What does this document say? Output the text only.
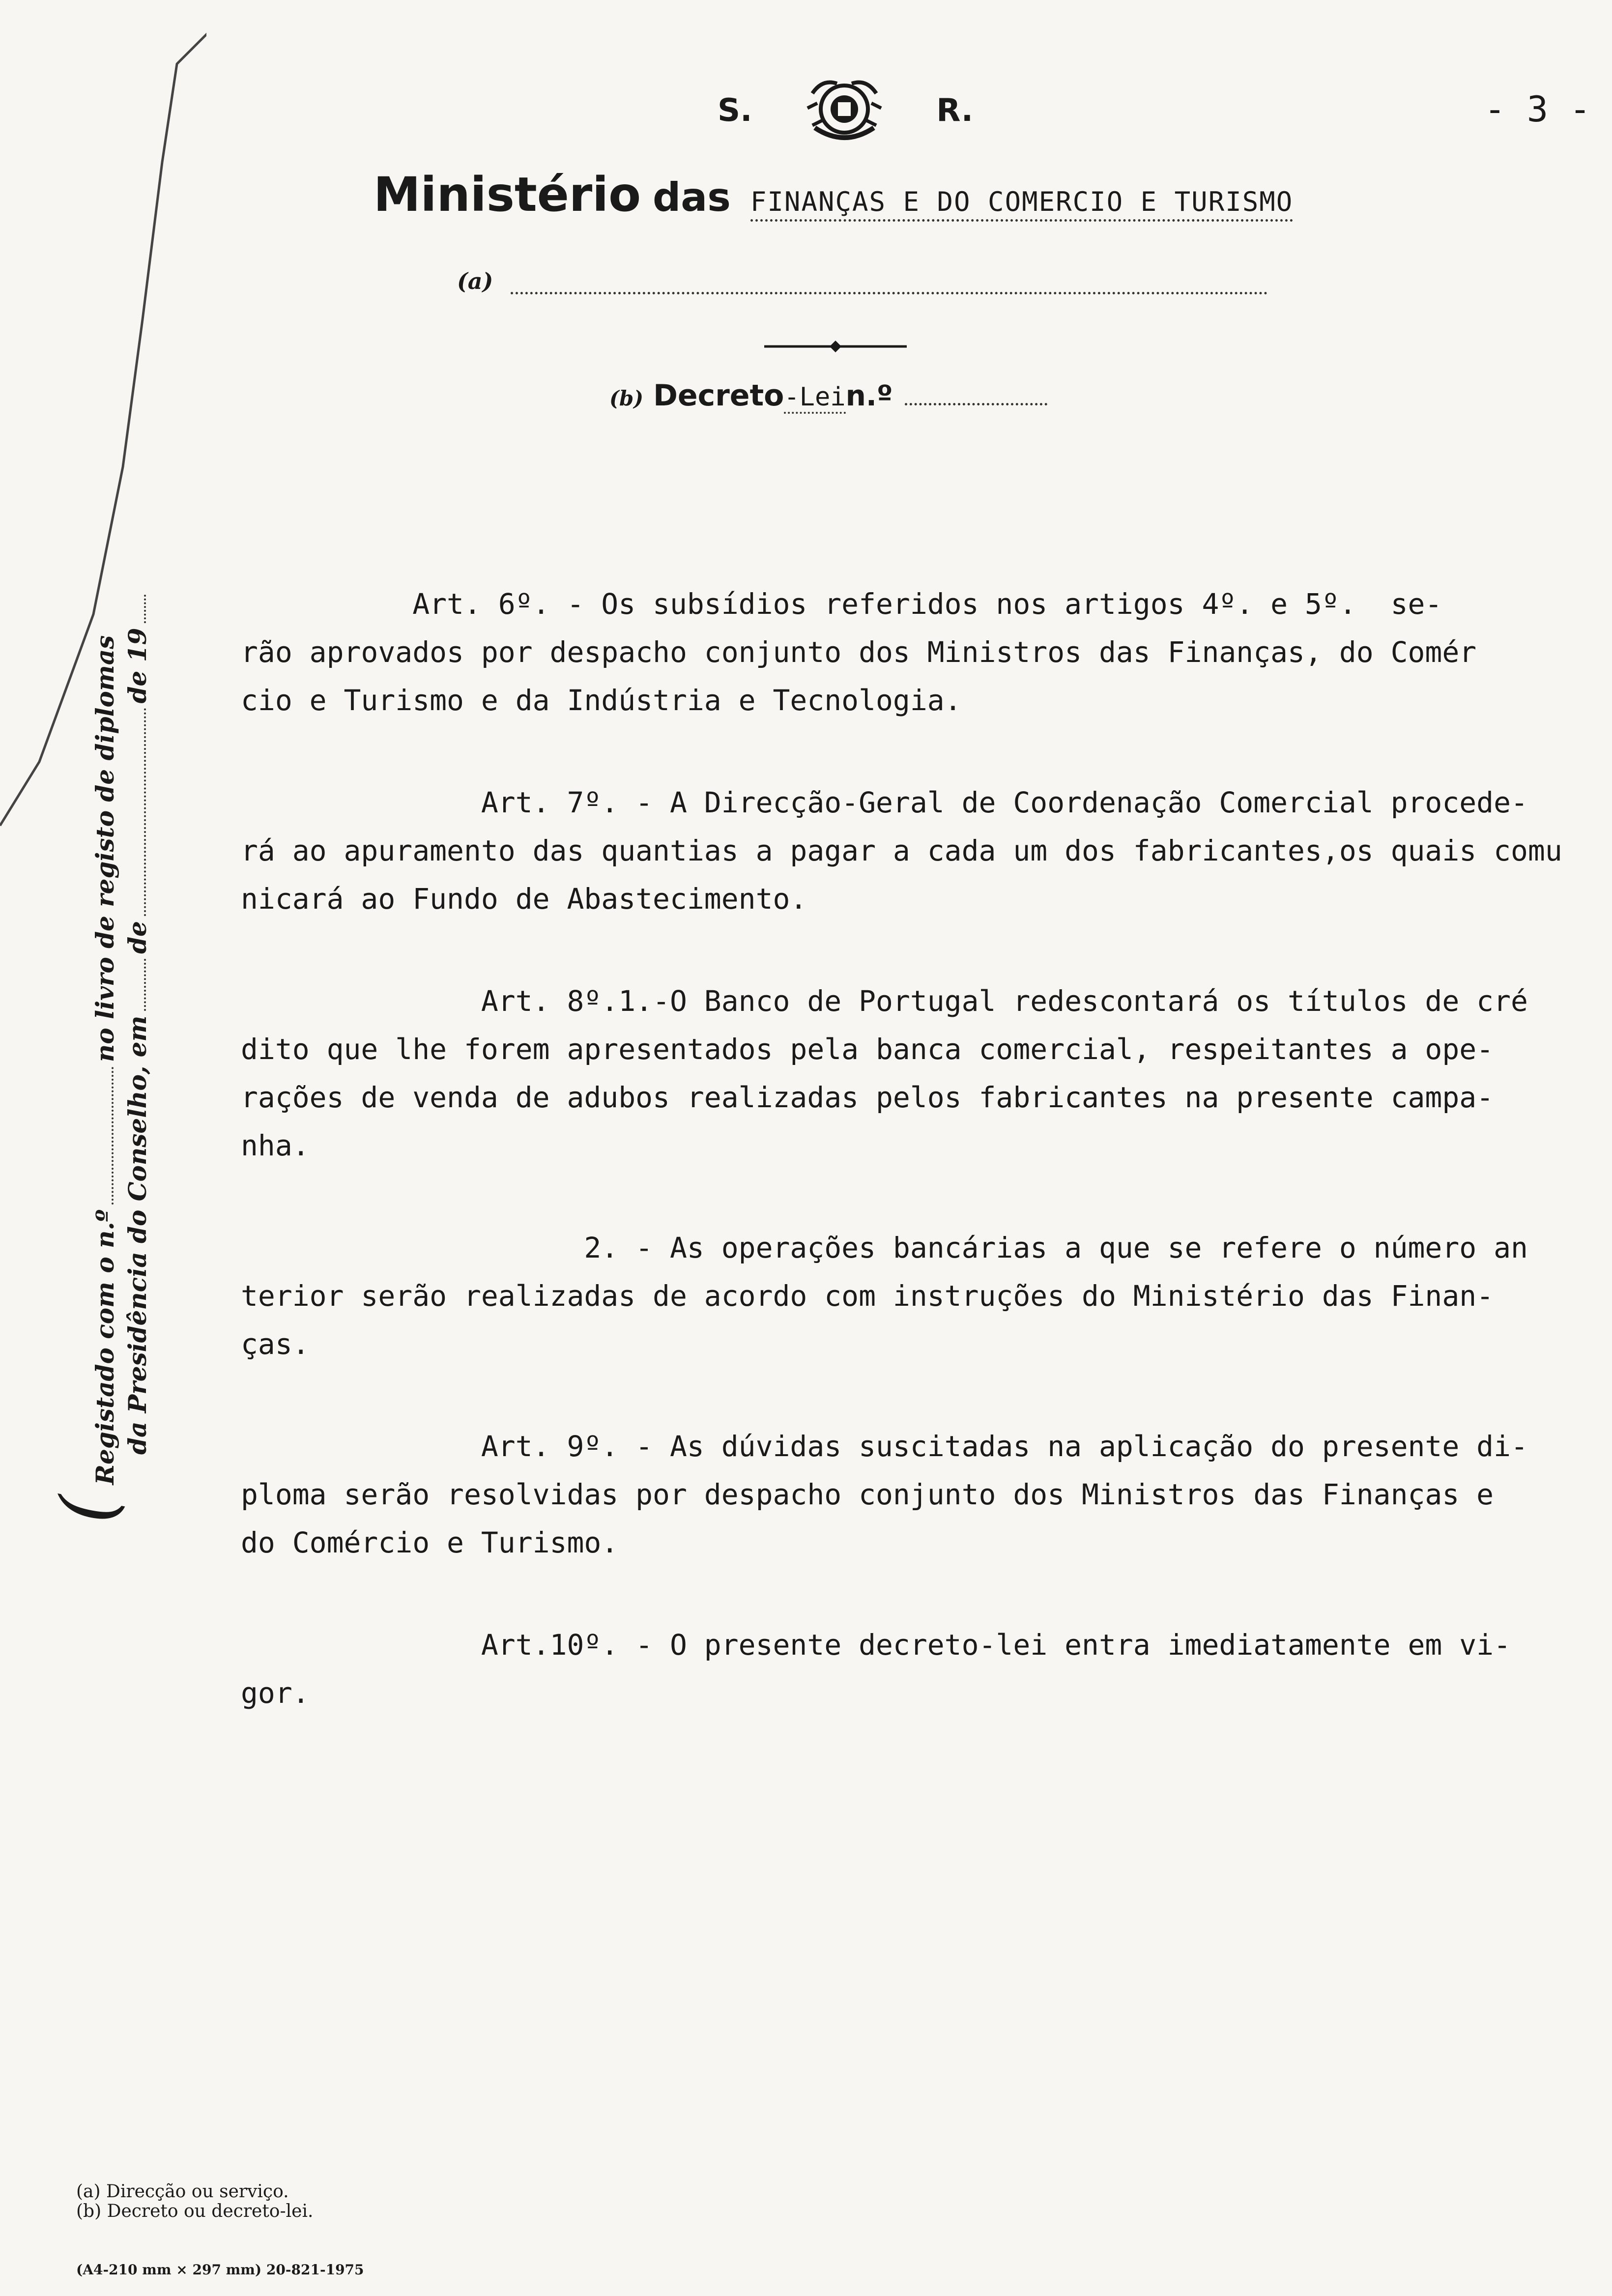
S.	R.	- 3 -
Ministério das FINANÇAS E DO COMERCIO E TURISMO
(a)
(b) Decreto -Lei n.º
(
Registado com o n.º
no livro de registo de diplomas
da Presidência do Conselho, em
de
de 19
Art. 6º. - Os subsídios referidos nos artigos 4º. e 5º.  se-
rão aprovados por despacho conjunto dos Ministros das Finanças, do Comér
cio e Turismo e da Indústria e Tecnologia.
Art. 7º. - A Direcção-Geral de Coordenação Comercial procede-
rá ao apuramento das quantias a pagar a cada um dos fabricantes,os quais comu
nicará ao Fundo de Abastecimento.
Art. 8º.1.-O Banco de Portugal redescontará os títulos de cré
dito que lhe forem apresentados pela banca comercial, respeitantes a ope-
rações de venda de adubos realizadas pelos fabricantes na presente campa-
nha.
2. - As operações bancárias a que se refere o número an
terior serão realizadas de acordo com instruções do Ministério das Finan-
ças.
Art. 9º. - As dúvidas suscitadas na aplicação do presente di-
ploma serão resolvidas por despacho conjunto dos Ministros das Finanças e
do Comércio e Turismo.
Art.10º. - O presente decreto-lei entra imediatamente em vi-
gor.
(a) Direcção ou serviço.
(b) Decreto ou decreto-lei.
(A4-210 mm × 297 mm) 20-821-1975
